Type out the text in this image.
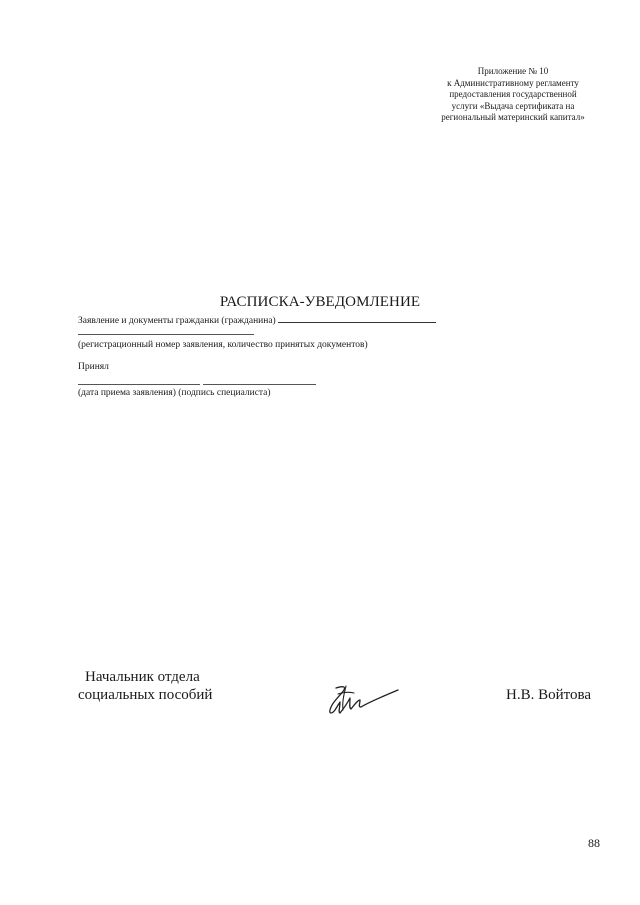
Приложение № 10
к Административному регламенту
предоставления государственной
услуги «Выдача сертификата на
региональный материнский капитал»
РАСПИСКА-УВЕДОМЛЕНИЕ
Заявление и документы гражданки (гражданина)
(регистрационный номер заявления, количество принятых документов)
Принял
(дата приема заявления) (подпись специалиста)
Начальник отдела
социальных пособий	Н.В. Войтова
88
